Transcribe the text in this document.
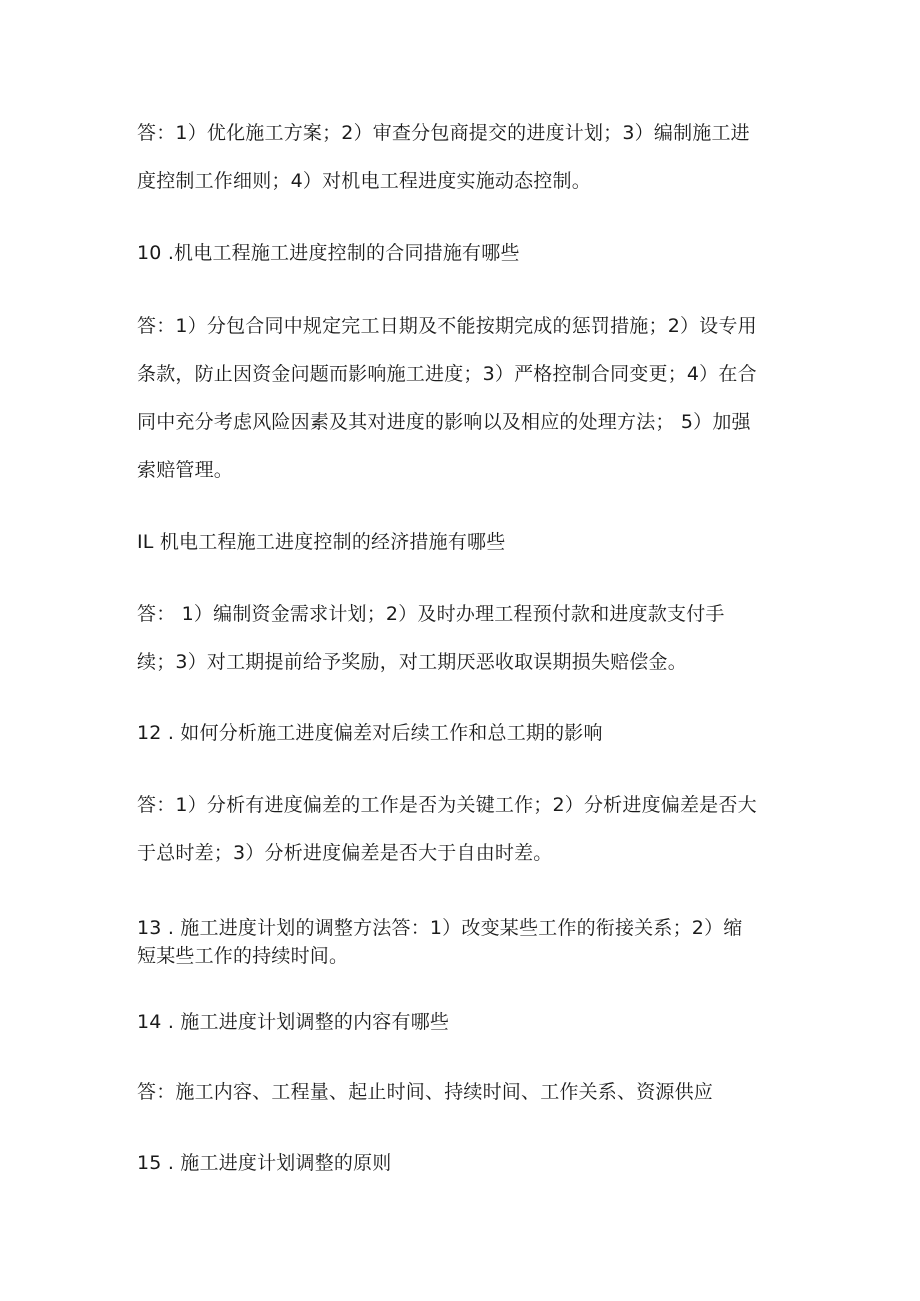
答：1）优化施工方案；2）审查分包商提交的进度计划；3）编制施工进
度控制工作细则；4）对机电工程进度实施动态控制。
10 .机电工程施工进度控制的合同措施有哪些
答：1）分包合同中规定完工日期及不能按期完成的惩罚措施；2）设专用
条款，防止因资金问题而影响施工进度；3）严格控制合同变更；4）在合
同中充分考虑风险因素及其对进度的影响以及相应的处理方法； 5）加强
索赔管理。
IL 机电工程施工进度控制的经济措施有哪些
答： 1）编制资金需求计划；2）及时办理工程预付款和进度款支付手
续；3）对工期提前给予奖励，对工期厌恶收取误期损失赔偿金。
12 . 如何分析施工进度偏差对后续工作和总工期的影响
答：1）分析有进度偏差的工作是否为关键工作；2）分析进度偏差是否大
于总时差；3）分析进度偏差是否大于自由时差。
13 . 施工进度计划的调整方法答：1）改变某些工作的衔接关系；2）缩
短某些工作的持续时间。
14 . 施工进度计划调整的内容有哪些
答：施工内容、工程量、起止时间、持续时间、工作关系、资源供应
15 . 施工进度计划调整的原则
